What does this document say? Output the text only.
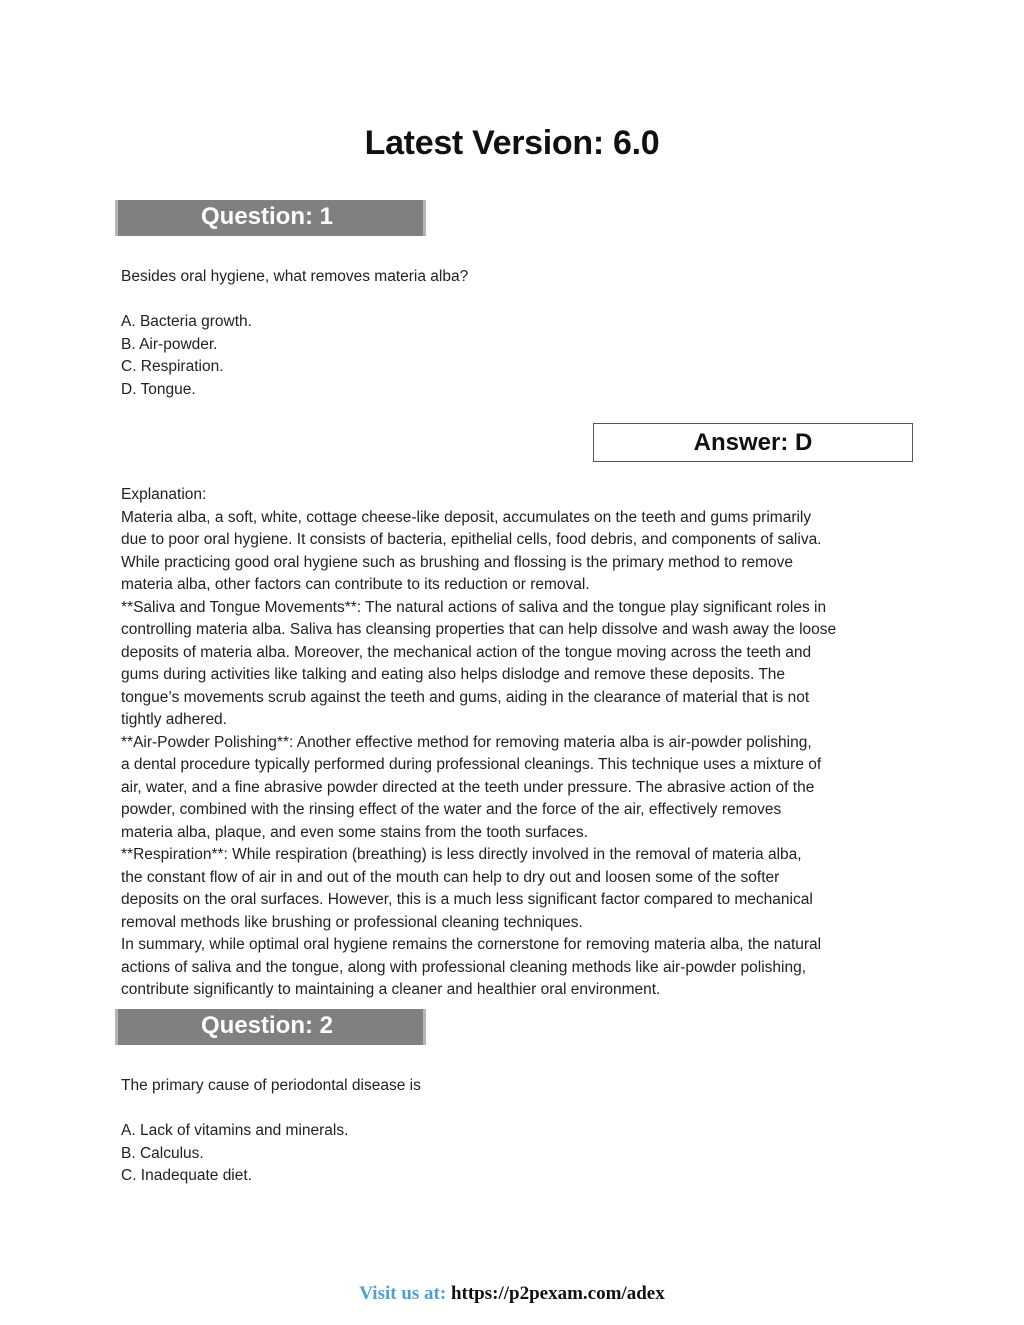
Latest Version: 6.0
Question: 1
Besides oral hygiene, what removes materia alba?
A. Bacteria growth.
B. Air-powder.
C. Respiration.
D. Tongue.
Answer: D
Explanation:
Materia alba, a soft, white, cottage cheese-like deposit, accumulates on the teeth and gums primarily
due to poor oral hygiene. It consists of bacteria, epithelial cells, food debris, and components of saliva.
While practicing good oral hygiene such as brushing and flossing is the primary method to remove
materia alba, other factors can contribute to its reduction or removal.
**Saliva and Tongue Movements**: The natural actions of saliva and the tongue play significant roles in
controlling materia alba. Saliva has cleansing properties that can help dissolve and wash away the loose
deposits of materia alba. Moreover, the mechanical action of the tongue moving across the teeth and
gums during activities like talking and eating also helps dislodge and remove these deposits. The
tongue’s movements scrub against the teeth and gums, aiding in the clearance of material that is not
tightly adhered.
**Air-Powder Polishing**: Another effective method for removing materia alba is air-powder polishing,
a dental procedure typically performed during professional cleanings. This technique uses a mixture of
air, water, and a fine abrasive powder directed at the teeth under pressure. The abrasive action of the
powder, combined with the rinsing effect of the water and the force of the air, effectively removes
materia alba, plaque, and even some stains from the tooth surfaces.
**Respiration**: While respiration (breathing) is less directly involved in the removal of materia alba,
the constant flow of air in and out of the mouth can help to dry out and loosen some of the softer
deposits on the oral surfaces. However, this is a much less significant factor compared to mechanical
removal methods like brushing or professional cleaning techniques.
In summary, while optimal oral hygiene remains the cornerstone for removing materia alba, the natural
actions of saliva and the tongue, along with professional cleaning methods like air-powder polishing,
contribute significantly to maintaining a cleaner and healthier oral environment.
Question: 2
The primary cause of periodontal disease is
A. Lack of vitamins and minerals.
B. Calculus.
C. Inadequate diet.
Visit us at: https://p2pexam.com/adex
